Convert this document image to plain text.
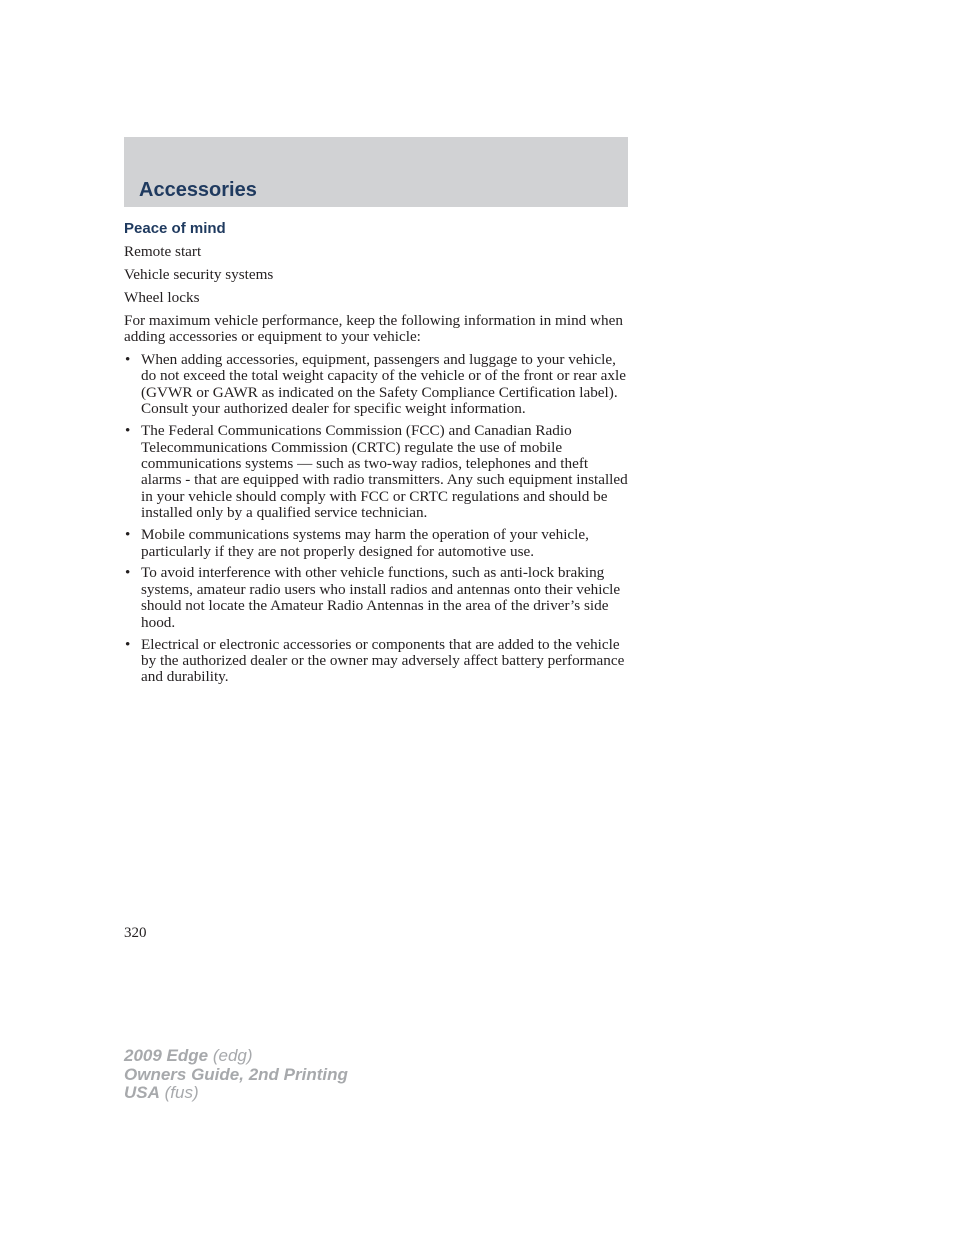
Accessories
Peace of mind

Remote start

Vehicle security systems

Wheel locks

For maximum vehicle performance, keep the following information in mind when adding accessories or equipment to your vehicle:

• When adding accessories, equipment, passengers and luggage to your vehicle, do not exceed the total weight capacity of the vehicle or of the front or rear axle (GVWR or GAWR as indicated on the Safety Compliance Certification label). Consult your authorized dealer for specific weight information.
• The Federal Communications Commission (FCC) and Canadian Radio Telecommunications Commission (CRTC) regulate the use of mobile communications systems — such as two-way radios, telephones and theft alarms - that are equipped with radio transmitters. Any such equipment installed in your vehicle should comply with FCC or CRTC regulations and should be installed only by a qualified service technician.
• Mobile communications systems may harm the operation of your vehicle, particularly if they are not properly designed for automotive use.
• To avoid interference with other vehicle functions, such as anti-lock braking systems, amateur radio users who install radios and antennas onto their vehicle should not locate the Amateur Radio Antennas in the area of the driver’s side hood.
• Electrical or electronic accessories or components that are added to the vehicle by the authorized dealer or the owner may adversely affect battery performance and durability.
320
2009 Edge (edg)
Owners Guide, 2nd Printing
USA (fus)
